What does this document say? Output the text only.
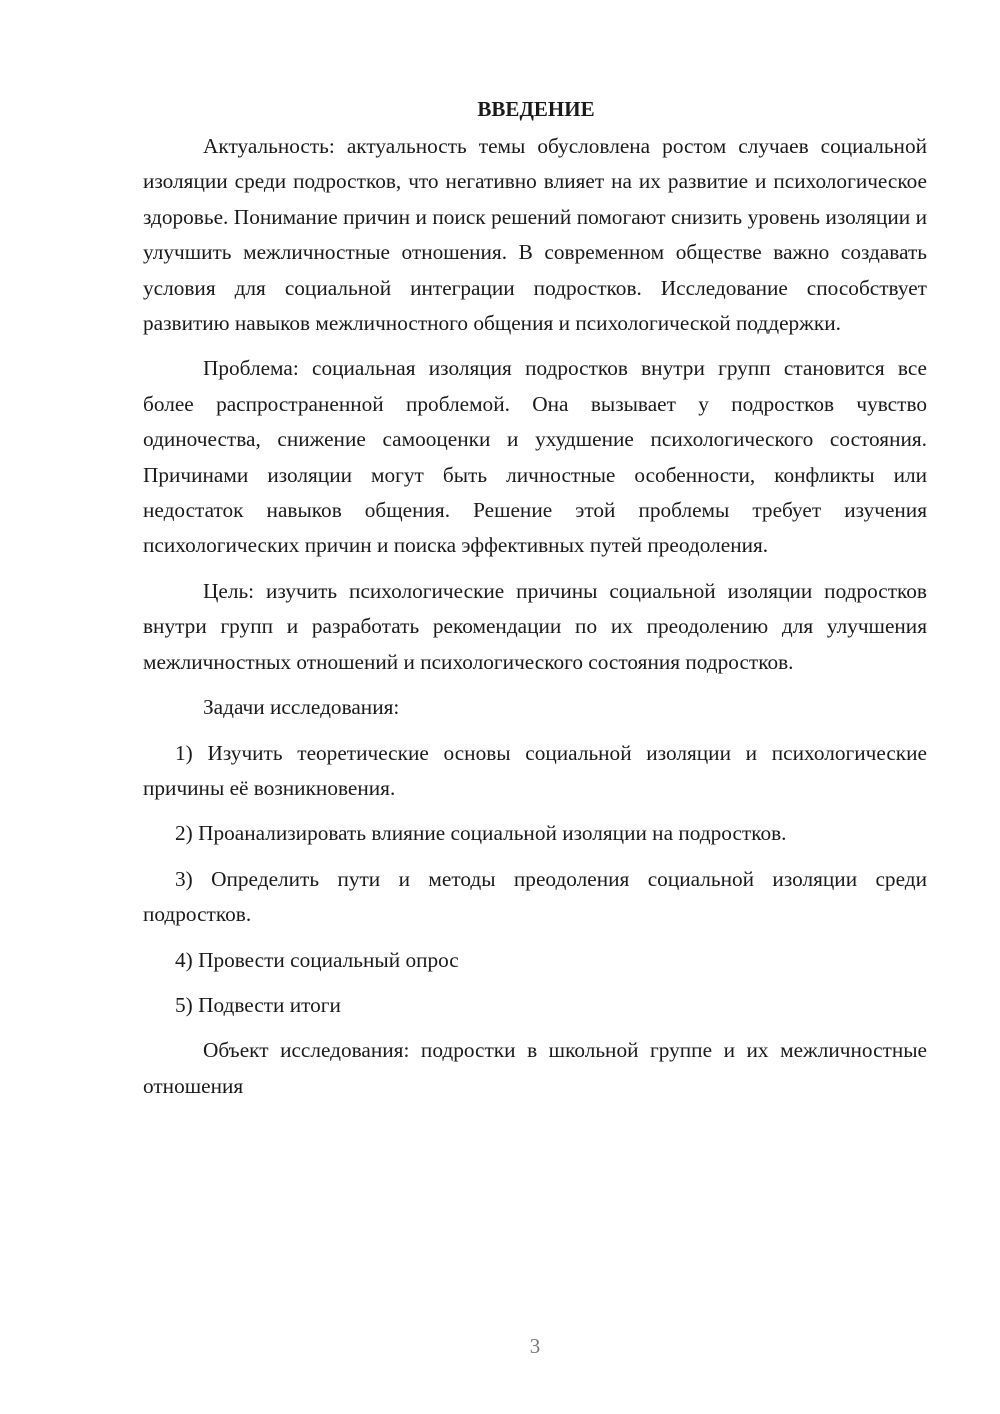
ВВЕДЕНИЕ

Актуальность: актуальность темы обусловлена ростом случаев социальной изоляции среди подростков, что негативно влияет на их развитие и психологическое здоровье. Понимание причин и поиск решений помогают снизить уровень изоляции и улучшить межличностные отношения. В современном обществе важно создавать условия для социальной интеграции подростков. Исследование способствует развитию навыков межличностного общения и психологической поддержки.

Проблема: социальная изоляция подростков внутри групп становится все более распространенной проблемой. Она вызывает у подростков чувство одиночества, снижение самооценки и ухудшение психологического состояния. Причинами изоляции могут быть личностные особенности, конфликты или недостаток навыков общения. Решение этой проблемы требует изучения психологических причин и поиска эффективных путей преодоления.

Цель: изучить психологические причины социальной изоляции подростков внутри групп и разработать рекомендации по их преодолению для улучшения межличностных отношений и психологического состояния подростков.

Задачи исследования:

1) Изучить теоретические основы социальной изоляции и психологические причины её возникновения.

2) Проанализировать влияние социальной изоляции на подростков.

3) Определить пути и методы преодоления социальной изоляции среди подростков.

4) Провести социальный опрос

5) Подвести итоги

Объект исследования: подростки в школьной группе и их межличностные отношения

3
